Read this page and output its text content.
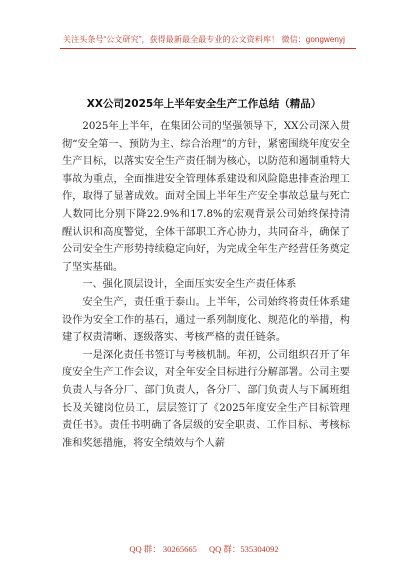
关注头条号“公文研究”，获得最新最全最专业的公文资料库！ 微信：gongwenyj
XX公司2025年上半年安全生产工作总结（精品）

2025年上半年，在集团公司的坚强领导下，XX公司深入贯彻“安全第一、预防为主、综合治理”的方针，紧密围绕年度安全生产目标，以落实安全生产责任制为核心，以防范和遏制重特大事故为重点，全面推进安全管理体系建设和风险隐患排查治理工作，取得了显著成效。面对全国上半年生产安全事故总量与死亡人数同比分别下降22.9%和17.8%的宏观背景公司始终保持清醒认识和高度警觉，全体干部职工齐心协力，共同奋斗，确保了公司安全生产形势持续稳定向好，为完成全年生产经营任务奠定了坚实基础。

一、强化顶层设计，全面压实安全生产责任体系

安全生产，责任重于泰山。上半年，公司始终将责任体系建设作为安全工作的基石，通过一系列制度化、规范化的举措，构建了权责清晰、逐级落实、考核严格的责任链条。

一是深化责任书签订与考核机制。年初，公司组织召开了年度安全生产工作会议，对全年安全目标进行分解部署。公司主要负责人与各分厂、部门负责人，各分厂、部门负责人与下属班组长及关键岗位员工，层层签订了《2025年度安全生产目标管理责任书》。责任书明确了各层级的安全职责、工作目标、考核标准和奖惩措施，将安全绩效与个人薪

QQ 群： 30265665 QQ 群：535304092
